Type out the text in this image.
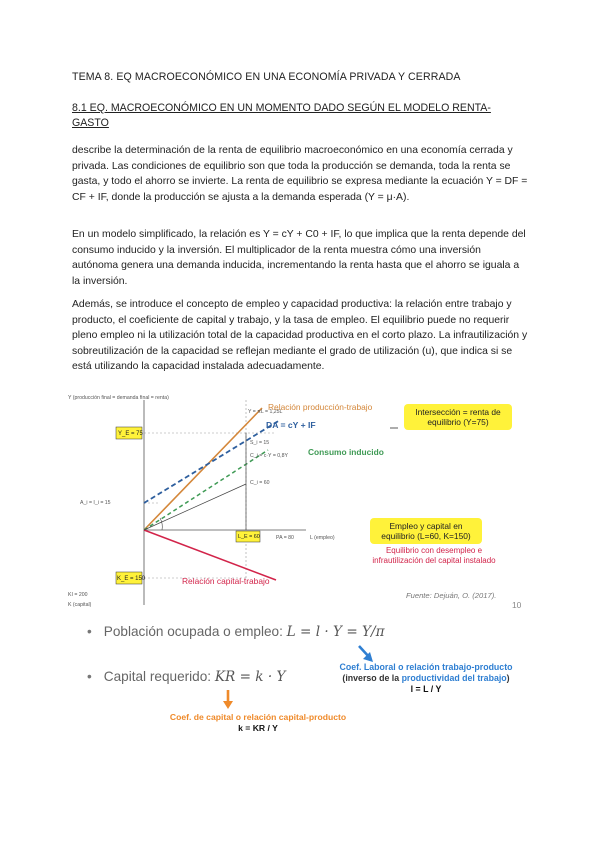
TEMA 8. EQ MACROECONÓMICO EN UNA ECONOMÍA PRIVADA Y CERRADA
8.1 EQ. MACROECONÓMICO EN UN MOMENTO DADO SEGÚN EL MODELO RENTA-GASTO
describe la determinación de la renta de equilibrio macroeconómico en una economía cerrada y privada. Las condiciones de equilibrio son que toda la producción se demanda, toda la renta se gasta, y todo el ahorro se invierte. La renta de equilibrio se expresa mediante la ecuación Y = DF = CF + IF, donde la producción se ajusta a la demanda esperada (Y = μ·A).
En un modelo simplificado, la relación es Y = cY + C0 + IF, lo que implica que la renta depende del consumo inducido y la inversión. El multiplicador de la renta muestra cómo una inversión autónoma genera una demanda inducida, incrementando la renta hasta que el ahorro se iguala a la inversión.
Además, se introduce el concepto de empleo y capacidad productiva: la relación entre trabajo y producto, el coeficiente de capital y trabajo, y la tasa de empleo. El equilibrio puede no requerir pleno empleo ni la utilización total de la capacidad productiva en el corto plazo. La infrautilización y sobreutilización de la capacidad se reflejan mediante el grado de utilización (u), que indica si se está utilizando la capacidad instalada adecuadamente.
Y (producción final = demanda final = renta)
Y_E = 75
A_i = I_i = 15
K_E = 150
KI = 200
K (capital)
L_E = 60	PA = 80	L (empleo)
Y = πL = 1,25L
S_i = 15
C_i = c·Y = 0,8Y
C_i = 60
Relación producción-trabajo
DA = cY + IF
Consumo inducido
Relación capital-trabajo
Intersección = renta de equilibrio (Y=75)
Empleo y capital en equilibrio (L=60, K=150)
Equilibrio con desempleo e infrautilización del capital instalado
Fuente: Dejuán, O. (2017).
10
• Población ocupada o empleo: L = l · Y = Y/π
• Capital requerido: KR = k · Y
Coef. Laboral o relación trabajo-producto
(inverso de la productividad del trabajo)
l = L / Y
Coef. de capital o relación capital-producto
k = KR / Y
